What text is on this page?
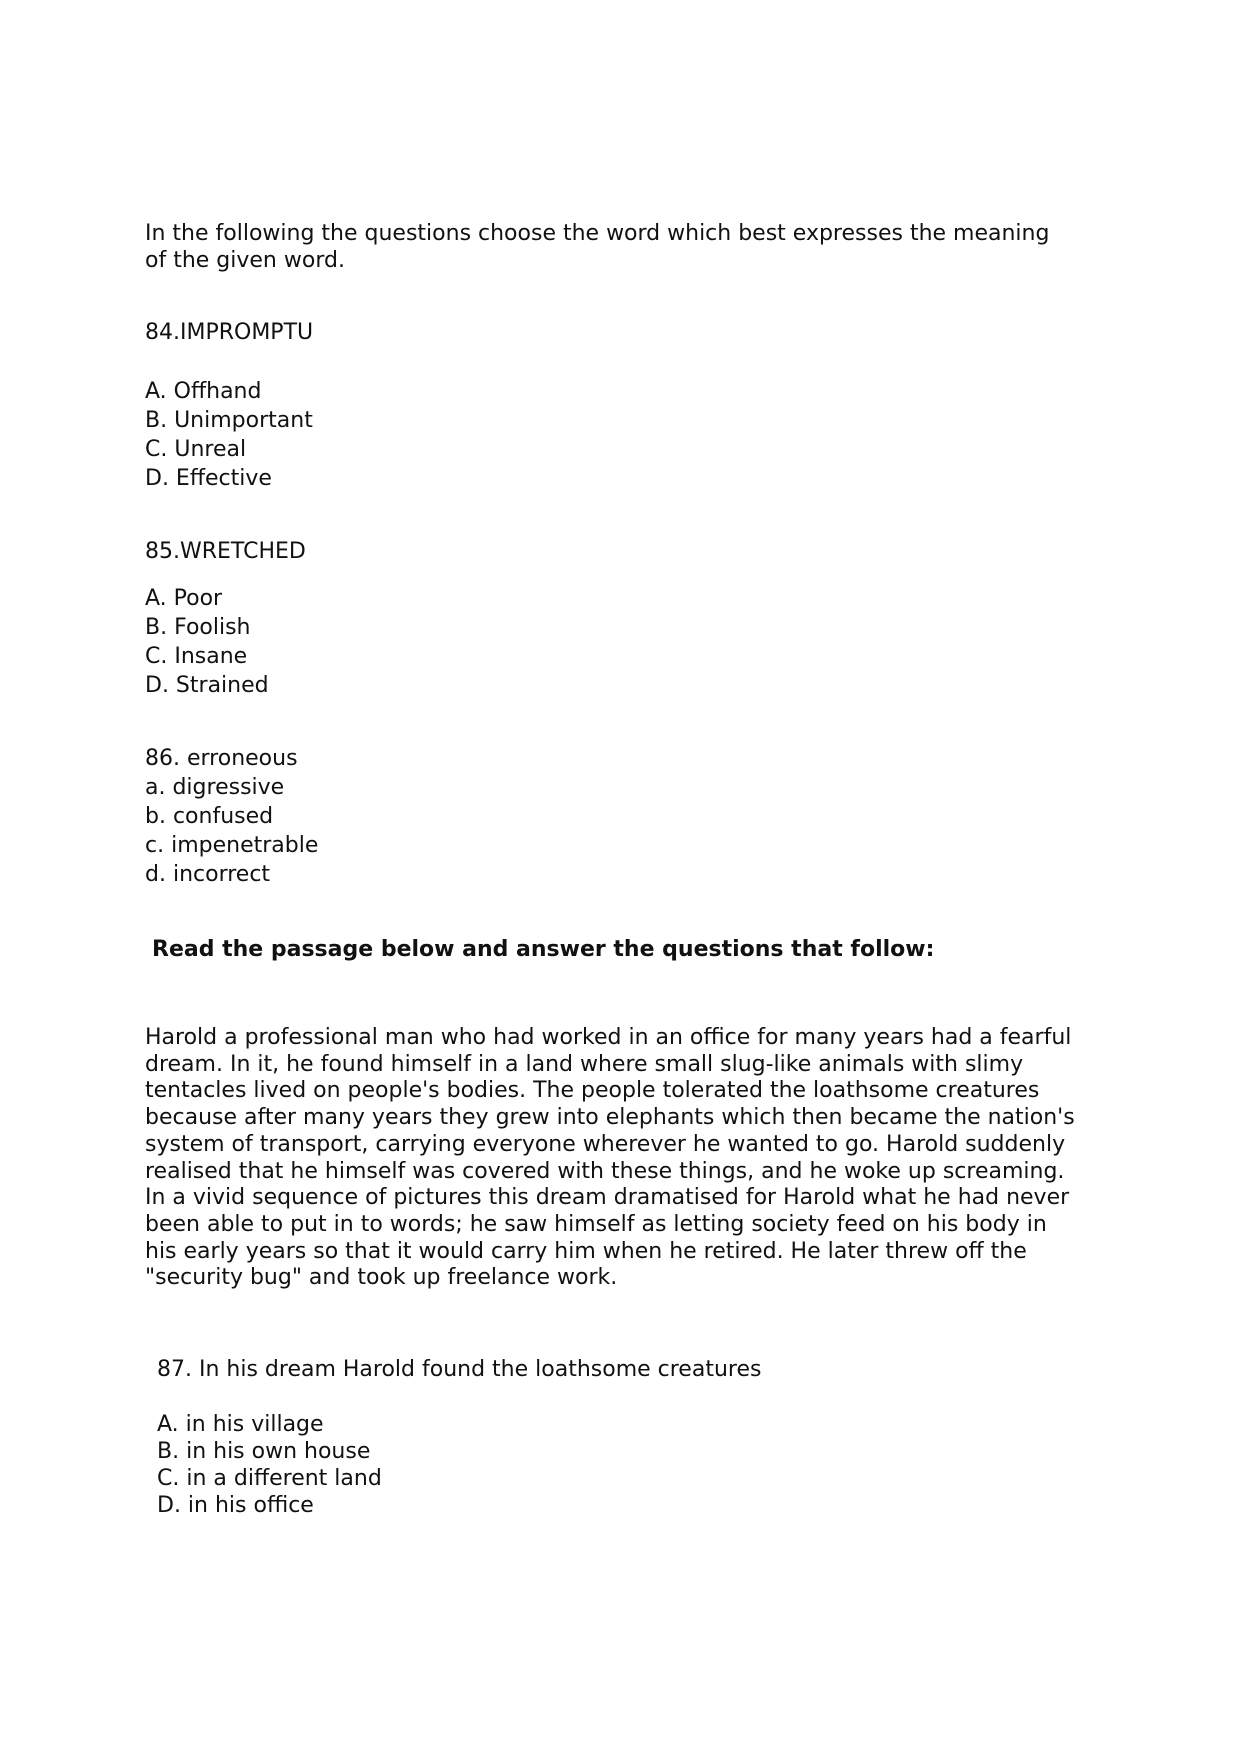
In the following the questions choose the word which best expresses the meaning
of the given word.
84.IMPROMPTU
A. Offhand
B. Unimportant
C. Unreal
D. Effective
85.WRETCHED
A. Poor
B. Foolish
C. Insane
D. Strained
86. erroneous
a. digressive
b. confused
c. impenetrable
d. incorrect
Read the passage below and answer the questions that follow:
Harold a professional man who had worked in an office for many years had a fearful
dream. In it, he found himself in a land where small slug-like animals with slimy
tentacles lived on people's bodies. The people tolerated the loathsome creatures
because after many years they grew into elephants which then became the nation's
system of transport, carrying everyone wherever he wanted to go. Harold suddenly
realised that he himself was covered with these things, and he woke up screaming.
In a vivid sequence of pictures this dream dramatised for Harold what he had never
been able to put in to words; he saw himself as letting society feed on his body in
his early years so that it would carry him when he retired. He later threw off the
"security bug" and took up freelance work.
87. In his dream Harold found the loathsome creatures
A. in his village
B. in his own house
C. in a different land
D. in his office
